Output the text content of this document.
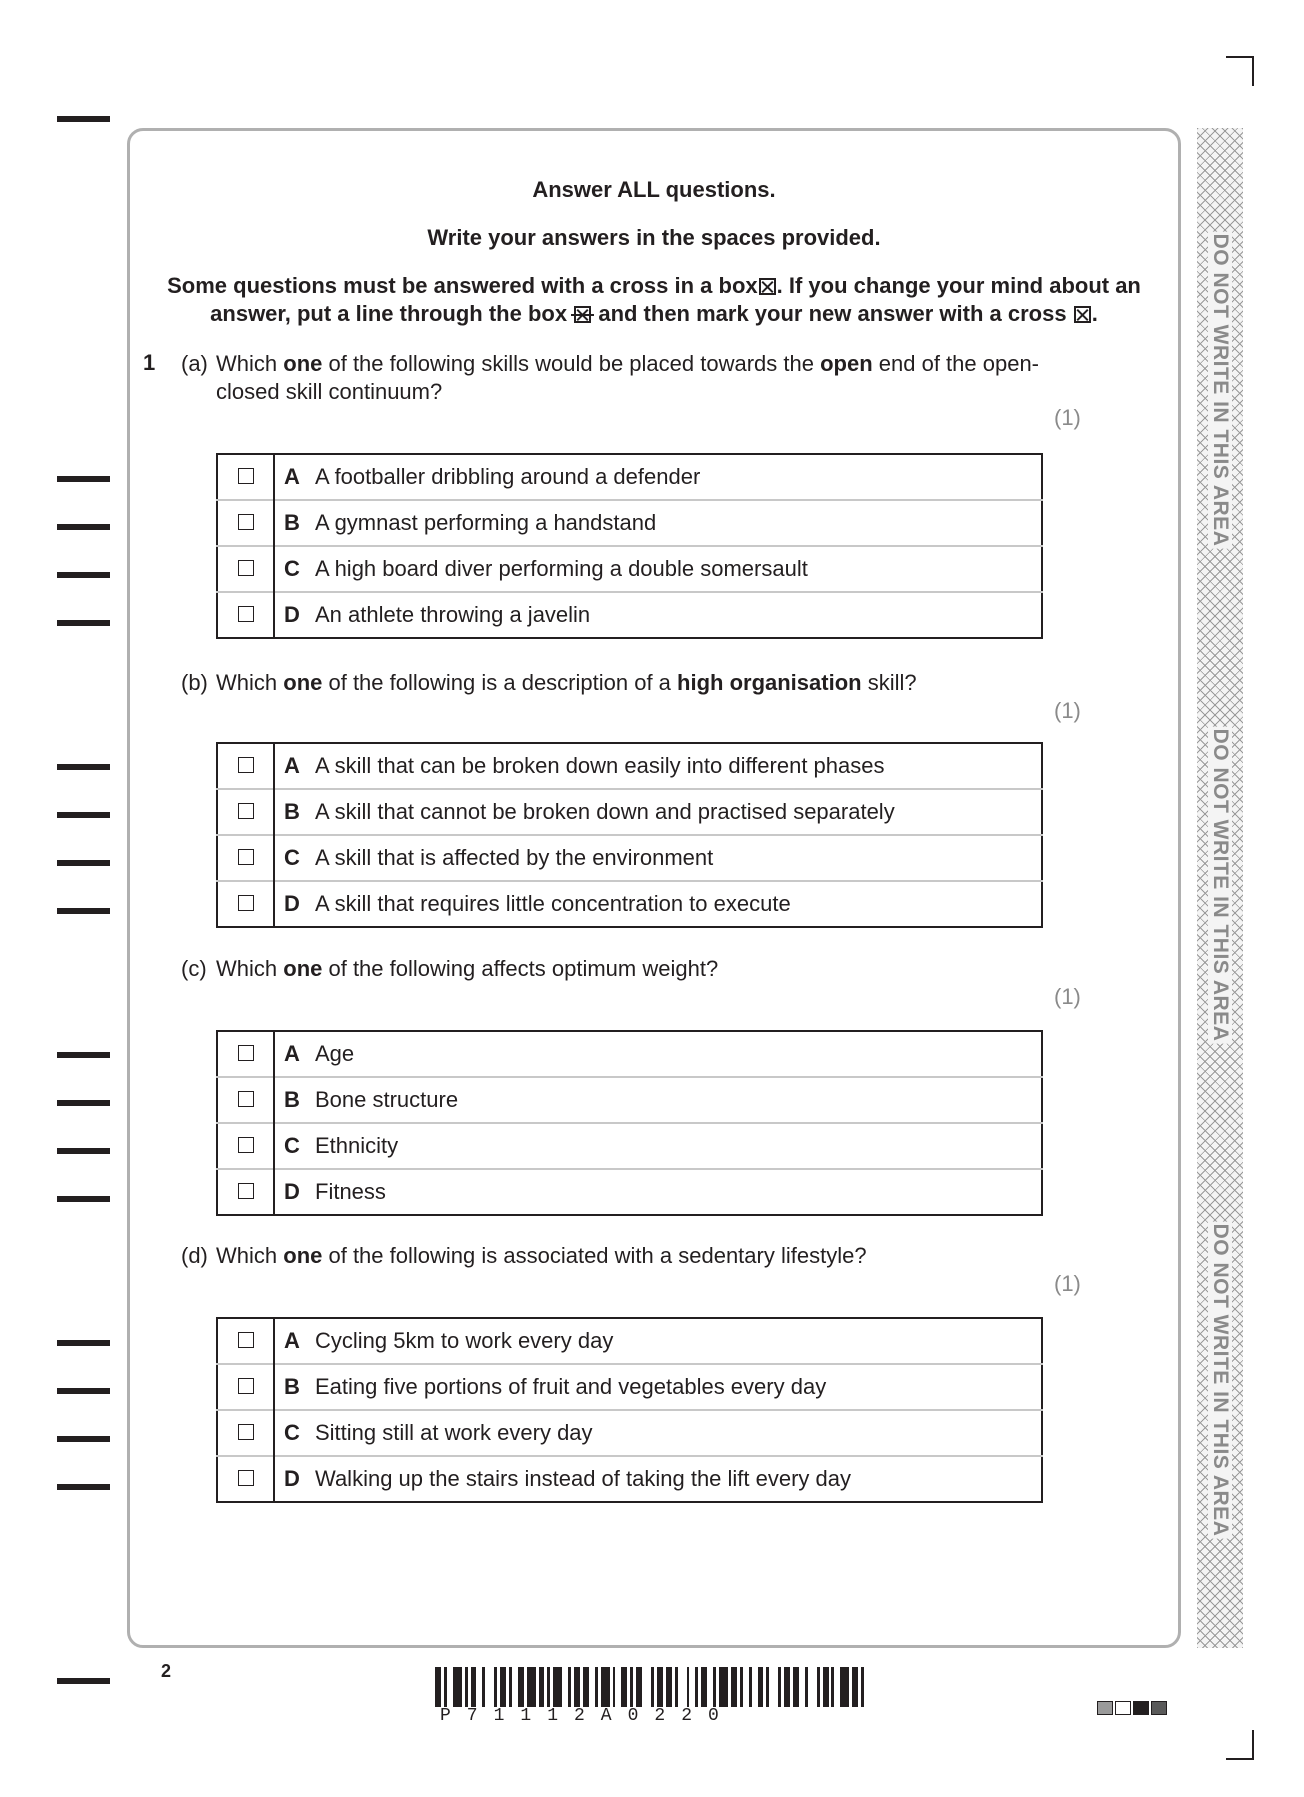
DO NOT WRITE IN THIS AREA
DO NOT WRITE IN THIS AREA
DO NOT WRITE IN THIS AREA
Answer ALL questions.
Write your answers in the spaces provided.
Some questions must be answered with a cross in a box☒. If you change your mind about an
answer, put a line through the box and then mark your new answer with a cross ☒.
1 (a) Which one of the following skills would be placed towards the open end of the open-closed skill continuum?
(1)
	A	A footballer dribbling around a defender
	B	A gymnast performing a handstand
	C	A high board diver performing a double somersault
	D	An athlete throwing a javelin
(b) Which one of the following is a description of a high organisation skill?
(1)
	A	A skill that can be broken down easily into different phases
	B	A skill that cannot be broken down and practised separately
	C	A skill that is affected by the environment
	D	A skill that requires little concentration to execute
(c) Which one of the following affects optimum weight?
(1)
	A	Age
	B	Bone structure
	C	Ethnicity
	D	Fitness
(d) Which one of the following is associated with a sedentary lifestyle?
(1)
	A	Cycling 5km to work every day
	B	Eating five portions of fruit and vegetables every day
	C	Sitting still at work every day
	D	Walking up the stairs instead of taking the lift every day
2
P71112A0220
